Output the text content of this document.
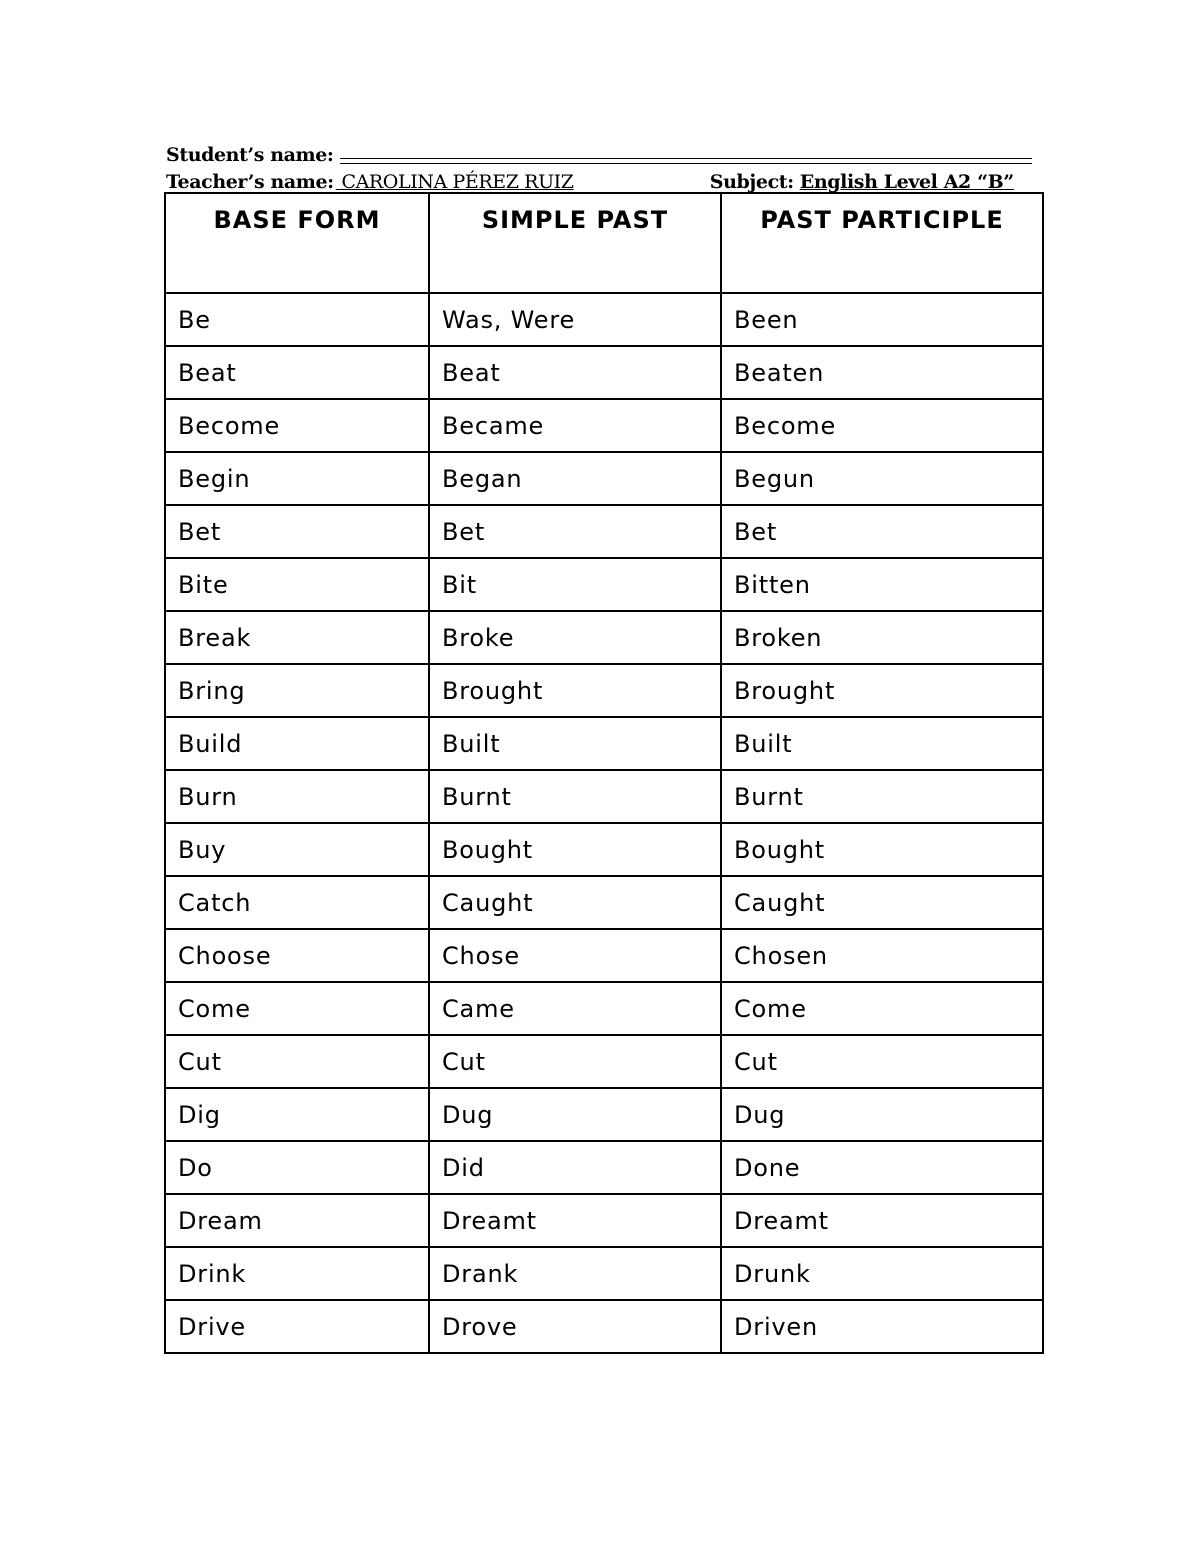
Student’s name:
Teacher’s name: CAROLINA PÉREZ RUIZ	Subject: English Level A2 “B”
BASE FORM	SIMPLE PAST	PAST PARTICIPLE
Be	Was, Were	Been
Beat	Beat	Beaten
Become	Became	Become
Begin	Began	Begun
Bet	Bet	Bet
Bite	Bit	Bitten
Break	Broke	Broken
Bring	Brought	Brought
Build	Built	Built
Burn	Burnt	Burnt
Buy	Bought	Bought
Catch	Caught	Caught
Choose	Chose	Chosen
Come	Came	Come
Cut	Cut	Cut
Dig	Dug	Dug
Do	Did	Done
Dream	Dreamt	Dreamt
Drink	Drank	Drunk
Drive	Drove	Driven
